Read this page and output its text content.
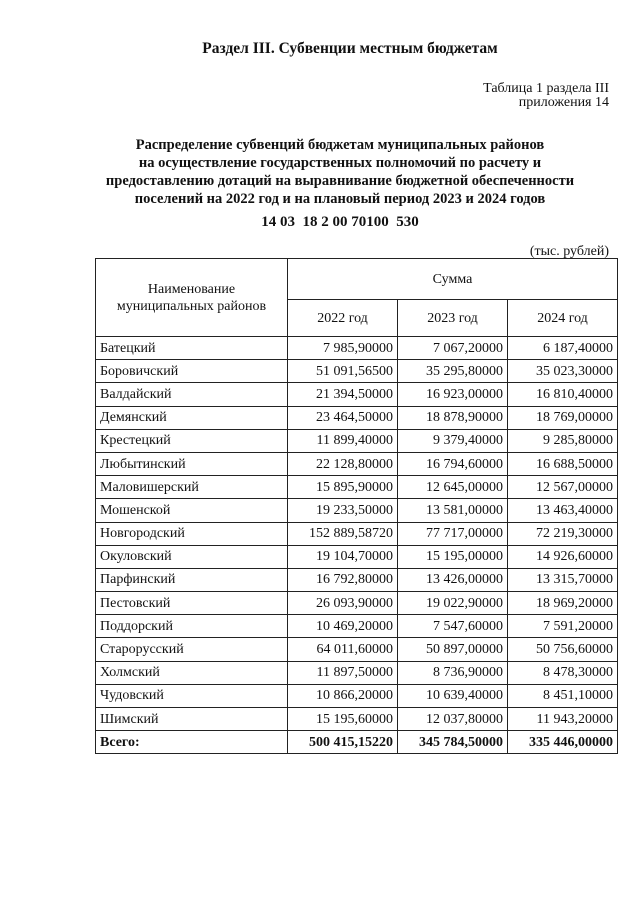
Раздел III. Субвенции местным бюджетам
Таблица 1 раздела III
приложения 14
Распределение субвенций бюджетам муниципальных районов
на осуществление государственных полномочий по расчету и
предоставлению дотаций на выравнивание бюджетной обеспеченности
поселений на 2022 год и на плановый период 2023 и 2024 годов
14 03  18 2 00 70100  530
(тыс. рублей)
Наименование муниципальных районов	Сумма		
	2022 год	2023 год	2024 год
Батецкий	7 985,90000	7 067,20000	6 187,40000
Боровичский	51 091,56500	35 295,80000	35 023,30000
Валдайский	21 394,50000	16 923,00000	16 810,40000
Демянский	23 464,50000	18 878,90000	18 769,00000
Крестецкий	11 899,40000	9 379,40000	9 285,80000
Любытинский	22 128,80000	16 794,60000	16 688,50000
Маловишерский	15 895,90000	12 645,00000	12 567,00000
Мошенской	19 233,50000	13 581,00000	13 463,40000
Новгородский	152 889,58720	77 717,00000	72 219,30000
Окуловский	19 104,70000	15 195,00000	14 926,60000
Парфинский	16 792,80000	13 426,00000	13 315,70000
Пестовский	26 093,90000	19 022,90000	18 969,20000
Поддорский	10 469,20000	7 547,60000	7 591,20000
Старорусский	64 011,60000	50 897,00000	50 756,60000
Холмский	11 897,50000	8 736,90000	8 478,30000
Чудовский	10 866,20000	10 639,40000	8 451,10000
Шимский	15 195,60000	12 037,80000	11 943,20000
Всего:	500 415,15220	345 784,50000	335 446,00000
